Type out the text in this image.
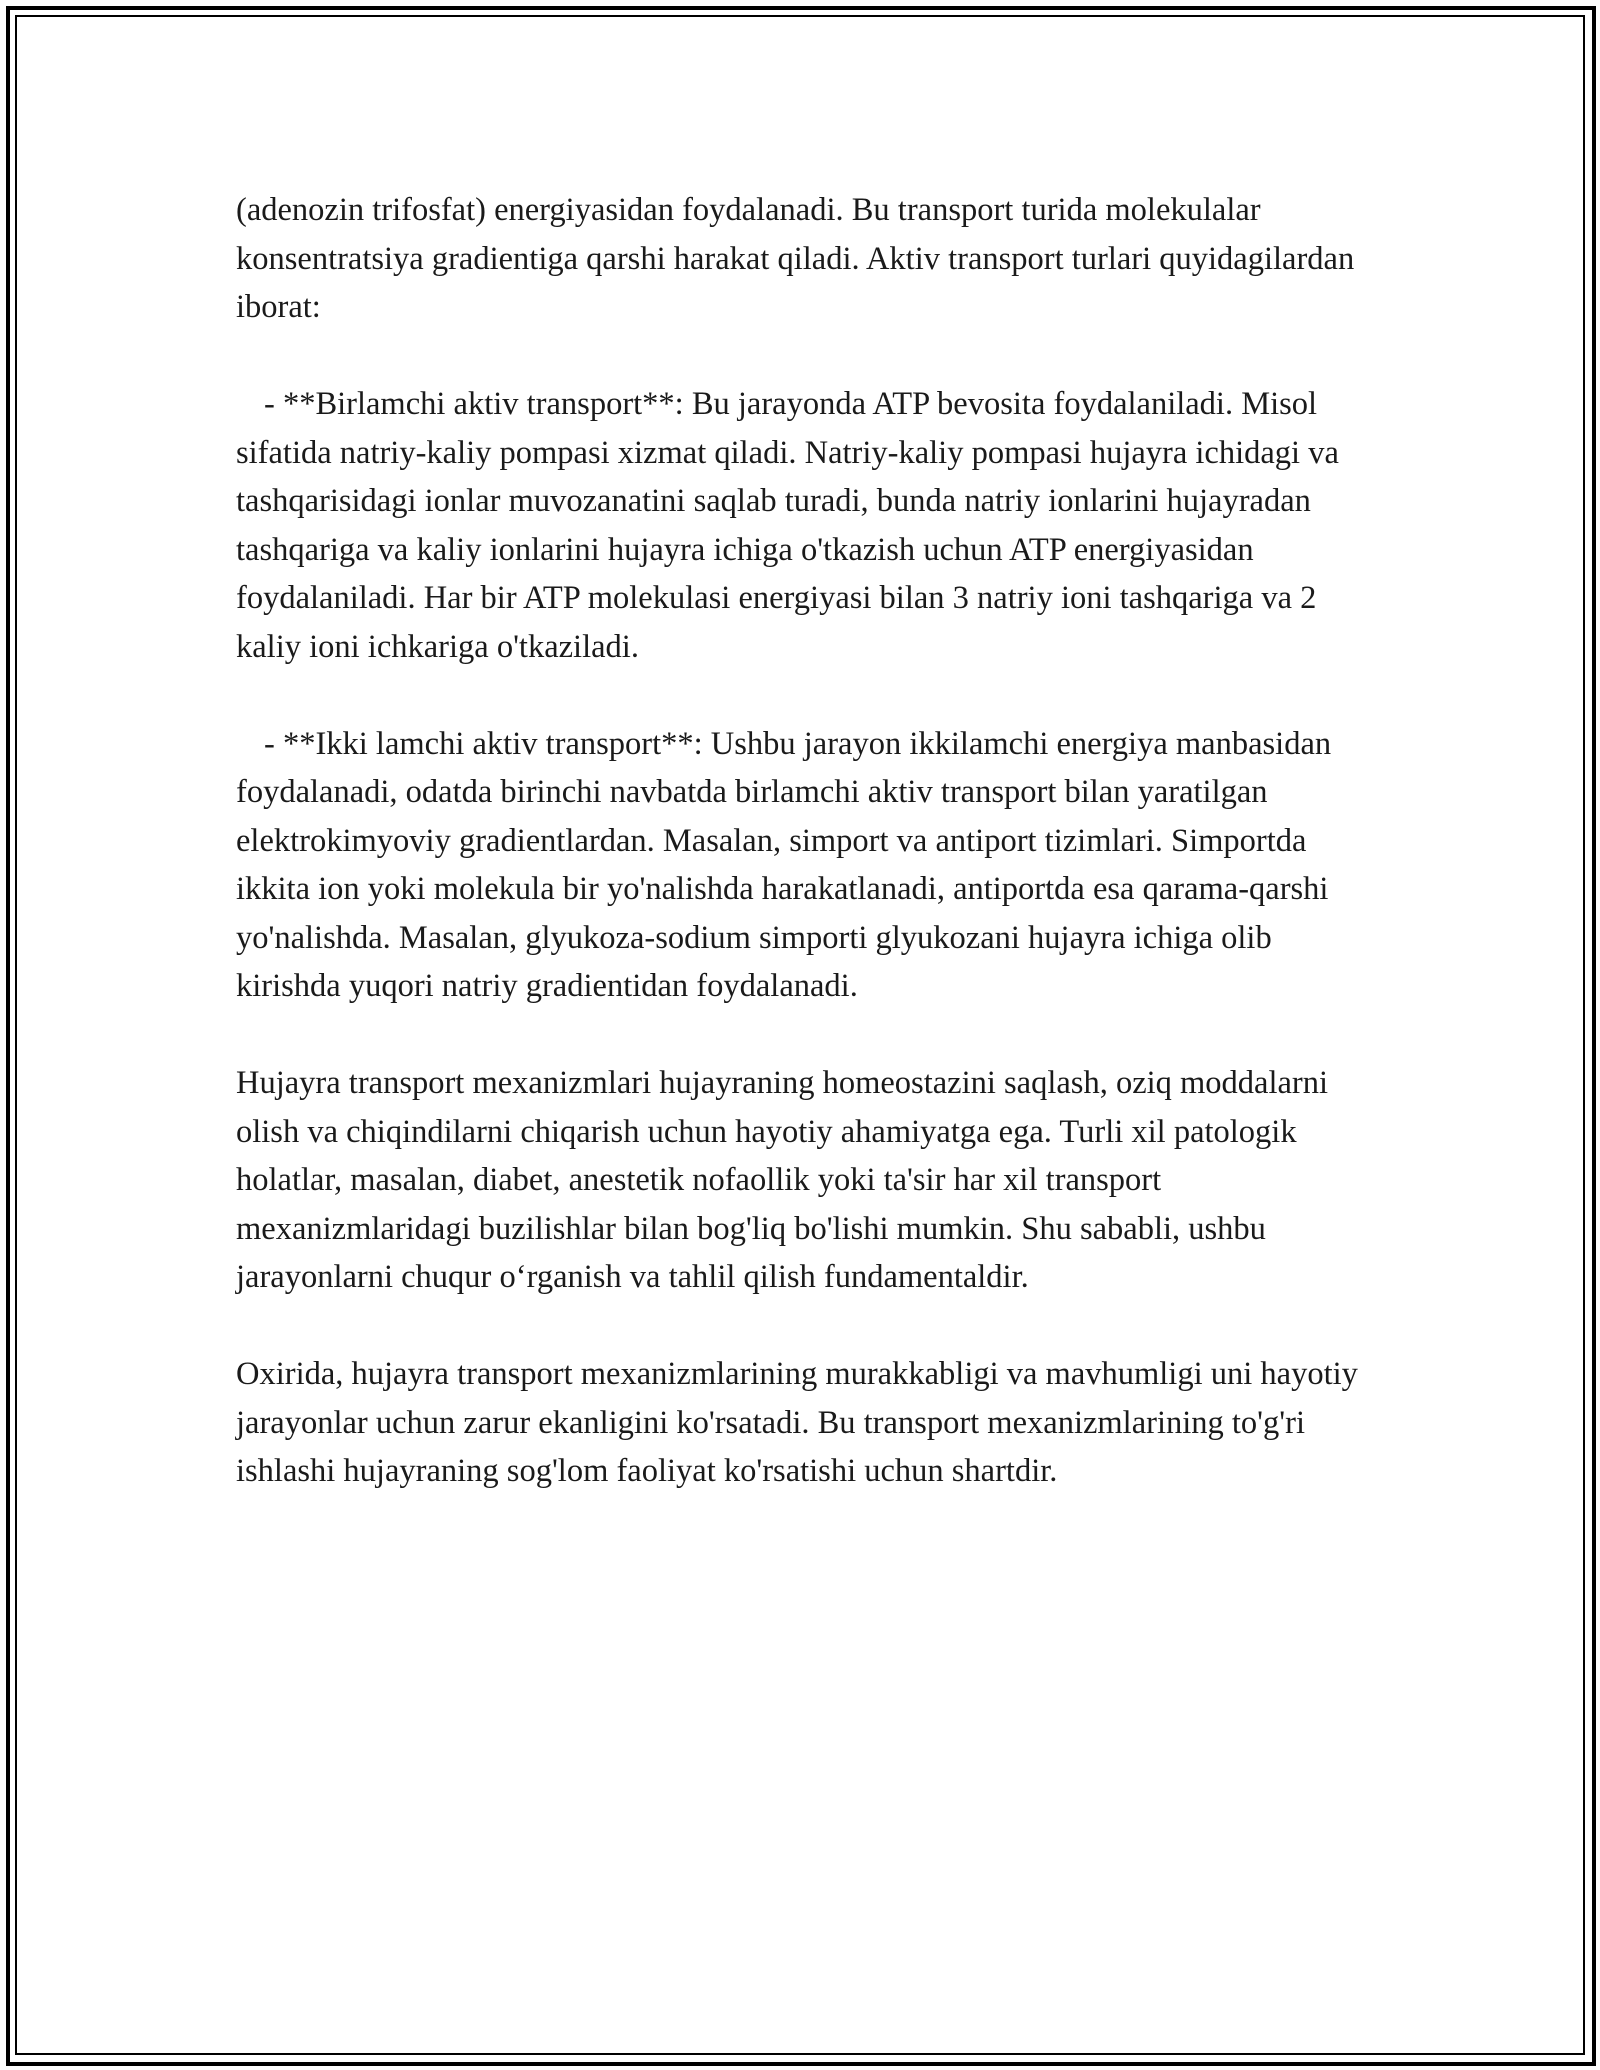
(adenozin trifosfat) energiyasidan foydalanadi. Bu transport turida molekulalar konsentratsiya gradientiga qarshi harakat qiladi. Aktiv transport turlari quyidagilardan iborat:

- **Birlamchi aktiv transport**: Bu jarayonda ATP bevosita foydalaniladi. Misol sifatida natriy-kaliy pompasi xizmat qiladi. Natriy-kaliy pompasi hujayra ichidagi va tashqarisidagi ionlar muvozanatini saqlab turadi, bunda natriy ionlarini hujayradan tashqariga va kaliy ionlarini hujayra ichiga o'tkazish uchun ATP energiyasidan foydalaniladi. Har bir ATP molekulasi energiyasi bilan 3 natriy ioni tashqariga va 2 kaliy ioni ichkariga o'tkaziladi.

- **Ikki lamchi aktiv transport**: Ushbu jarayon ikkilamchi energiya manbasidan foydalanadi, odatda birinchi navbatda birlamchi aktiv transport bilan yaratilgan elektrokimyoviy gradientlardan. Masalan, simport va antiport tizimlari. Simportda ikkita ion yoki molekula bir yo'nalishda harakatlanadi, antiportda esa qarama-qarshi yo'nalishda. Masalan, glyukoza-sodium simporti glyukozani hujayra ichiga olib kirishda yuqori natriy gradientidan foydalanadi.

Hujayra transport mexanizmlari hujayraning homeostazini saqlash, oziq moddalarni olish va chiqindilarni chiqarish uchun hayotiy ahamiyatga ega. Turli xil patologik holatlar, masalan, diabet, anestetik nofaollik yoki ta'sir har xil transport mexanizmlaridagi buzilishlar bilan bog'liq bo'lishi mumkin. Shu sababli, ushbu jarayonlarni chuqur oʻrganish va tahlil qilish fundamentaldir.

Oxirida, hujayra transport mexanizmlarining murakkabligi va mavhumligi uni hayotiy jarayonlar uchun zarur ekanligini ko'rsatadi. Bu transport mexanizmlarining to'g'ri ishlashi hujayraning sog'lom faoliyat ko'rsatishi uchun shartdir.
